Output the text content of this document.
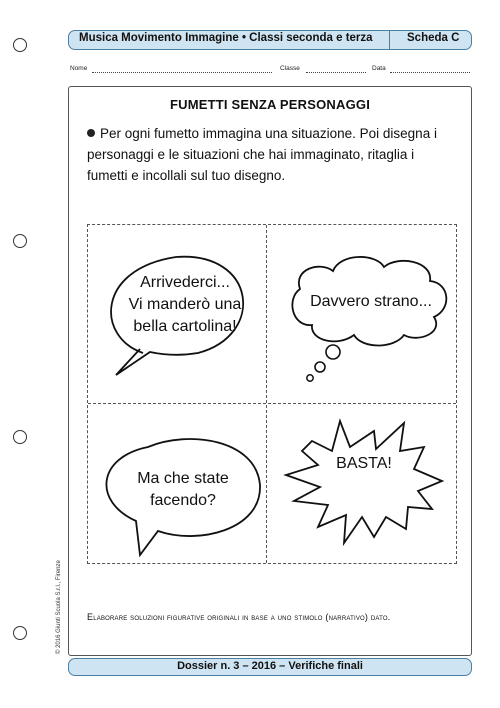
Musica Movimento Immagine • Classi seconda e terza	Scheda C
Nome	Classe	Data
FUMETTI SENZA PERSONAGGI
Per ogni fumetto immagina una situazione. Poi disegna i personaggi e le situazioni che hai immaginato, ritaglia i fumetti e incollali sul tuo disegno.
Arrivederci...
Vi manderò una
bella cartolina!
Davvero strano...
Ma che state
facendo?
BASTA!
Elaborare soluzioni figurative originali in base a uno stimolo (narrativo) dato.
© 2016 Giunti Scuola S.r.l., Firenze
Dossier n. 3 – 2016 – Verifiche finali
